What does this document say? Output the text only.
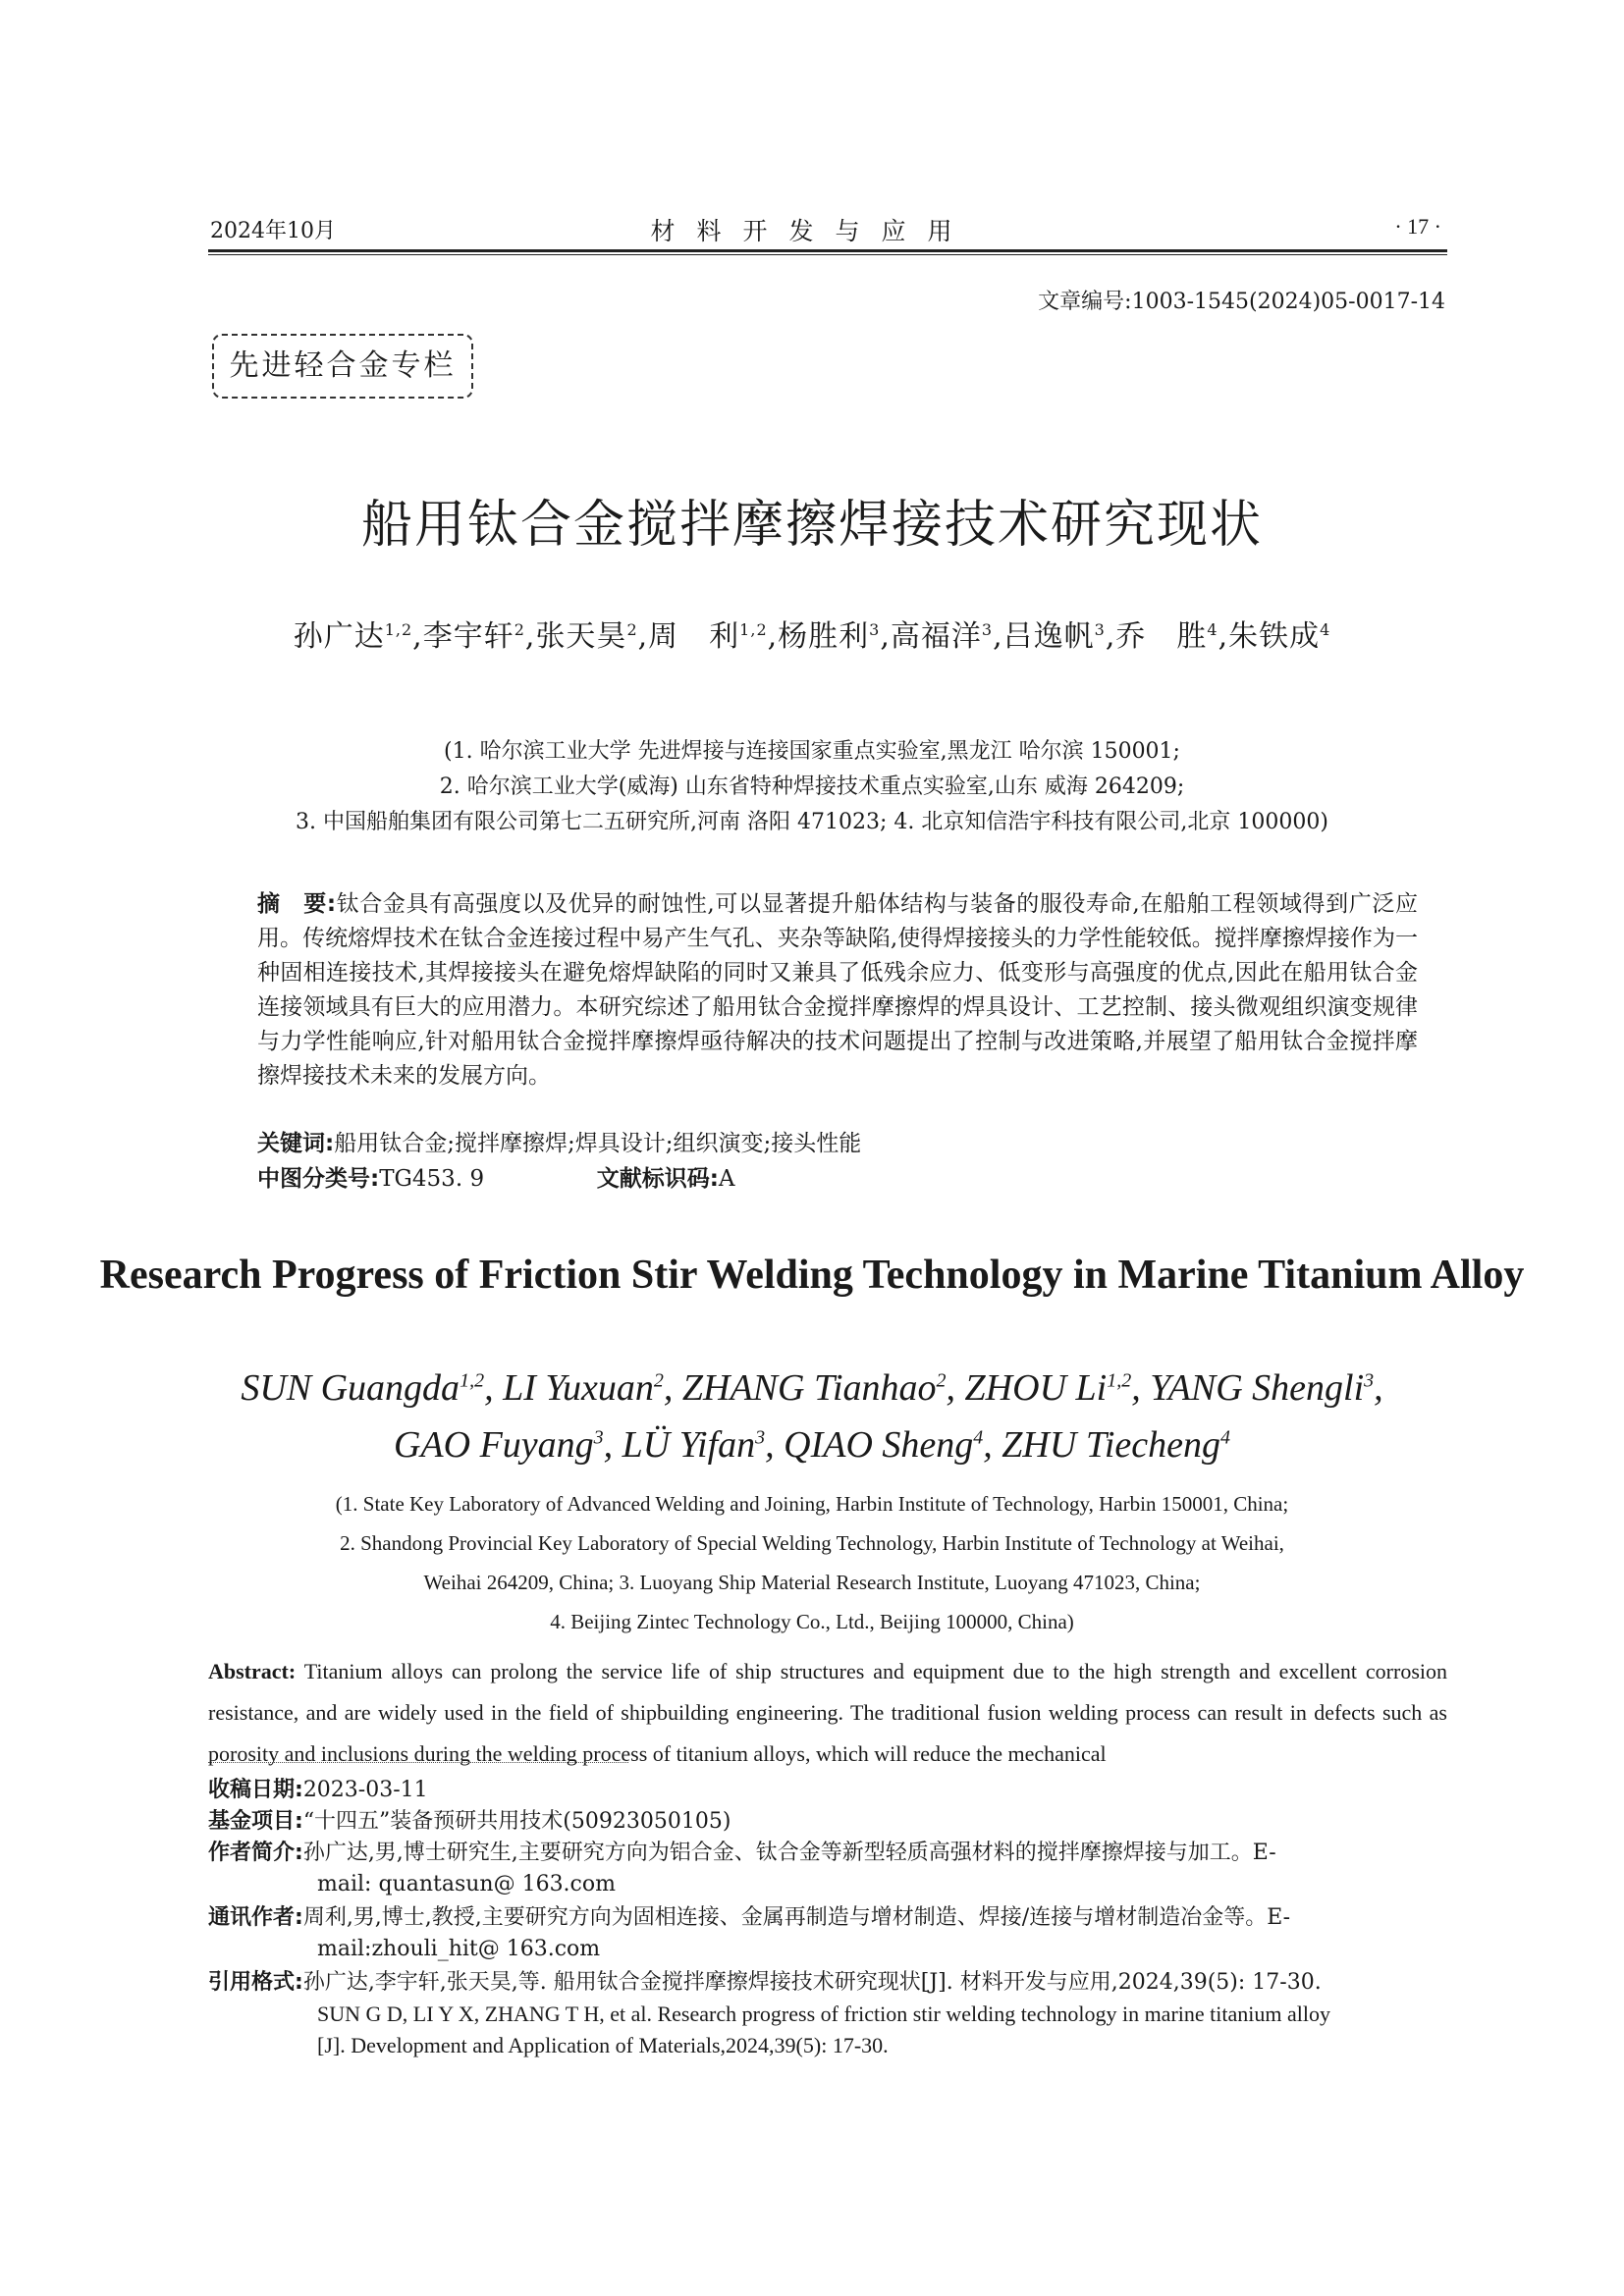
2024年10月	材料开发与应用	· 17 ·
文章编号:1003-1545(2024)05-0017-14
先进轻合金专栏
船用钛合金搅拌摩擦焊接技术研究现状
孙广达$^{1,2}$,李宇轩$^2$,张天昊$^2$,周　利$^{1,2}$,杨胜利$^3$,高福洋$^3$,吕逸帆$^3$,乔　胜$^4$,朱铁成$^4$
(1. 哈尔滨工业大学 先进焊接与连接国家重点实验室,黑龙江 哈尔滨 150001;
2. 哈尔滨工业大学(威海) 山东省特种焊接技术重点实验室,山东 威海 264209;
3. 中国船舶集团有限公司第七二五研究所,河南 洛阳 471023; 4. 北京知信浩宇科技有限公司,北京 100000)
摘　要:钛合金具有高强度以及优异的耐蚀性,可以显著提升船体结构与装备的服役寿命,在船舶工程领域得到广泛应用。传统熔焊技术在钛合金连接过程中易产生气孔、夹杂等缺陷,使得焊接接头的力学性能较低。搅拌摩擦焊接作为一种固相连接技术,其焊接接头在避免熔焊缺陷的同时又兼具了低残余应力、低变形与高强度的优点,因此在船用钛合金连接领域具有巨大的应用潜力。本研究综述了船用钛合金搅拌摩擦焊的焊具设计、工艺控制、接头微观组织演变规律与力学性能响应,针对船用钛合金搅拌摩擦焊亟待解决的技术问题提出了控制与改进策略,并展望了船用钛合金搅拌摩擦焊接技术未来的发展方向。
关键词:船用钛合金;搅拌摩擦焊;焊具设计;组织演变;接头性能
中图分类号:TG453. 9	文献标识码:A
Research Progress of Friction Stir Welding Technology in Marine Titanium Alloy
SUN Guangda$^{1,2}$, LI Yuxuan$^2$, ZHANG Tianhao$^2$, ZHOU Li$^{1,2}$, YANG Shengli$^3$,
GAO Fuyang$^3$, LÜ Yifan$^3$, QIAO Sheng$^4$, ZHU Tiecheng$^4$
(1. State Key Laboratory of Advanced Welding and Joining, Harbin Institute of Technology, Harbin 150001, China;
2. Shandong Provincial Key Laboratory of Special Welding Technology, Harbin Institute of Technology at Weihai,
Weihai 264209, China; 3. Luoyang Ship Material Research Institute, Luoyang 471023, China;
4. Beijing Zintec Technology Co., Ltd., Beijing 100000, China)
Abstract: Titanium alloys can prolong the service life of ship structures and equipment due to the high strength and excellent corrosion resistance, and are widely used in the field of shipbuilding engineering. The traditional fusion welding process can result in defects such as porosity and inclusions during the welding process of titanium alloys, which will reduce the mechanical
收稿日期:2023-03-11
基金项目:“十四五”装备预研共用技术(50923050105)
作者简介:孙广达,男,博士研究生,主要研究方向为铝合金、钛合金等新型轻质高强材料的搅拌摩擦焊接与加工。E-
mail: quantasun@ 163.com
通讯作者:周利,男,博士,教授,主要研究方向为固相连接、金属再制造与增材制造、焊接/连接与增材制造冶金等。E-
mail:zhouli_hit@ 163.com
引用格式:孙广达,李宇轩,张天昊,等. 船用钛合金搅拌摩擦焊接技术研究现状[J]. 材料开发与应用,2024,39(5): 17-30.
SUN G D, LI Y X, ZHANG T H, et al. Research progress of friction stir welding technology in marine titanium alloy
[J]. Development and Application of Materials,2024,39(5): 17-30.
